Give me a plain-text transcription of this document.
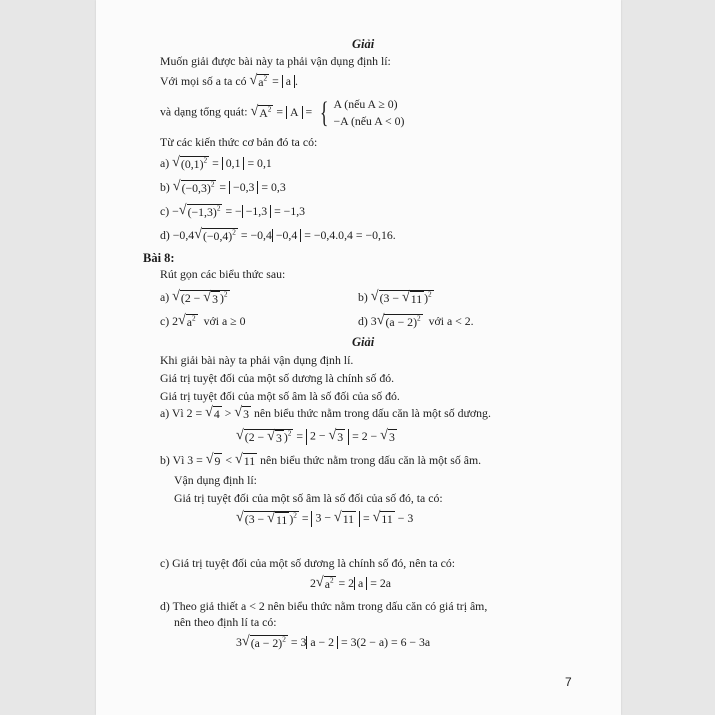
Giải
Muốn giải được bài này ta phải vận dụng định lí:
Với mọi số a ta có √ $a^2 = a$ .
và dạng tổng quát: √ $A^2 = A$ = { A (nếu A ≥ 0)
−A (nếu A < 0)
Từ các kiến thức cơ bản đó ta có:
a) √ $(0,1)^2 = 0,1 = 0,1$
b) √ $(-0,3)^2 = -0,3 = 0,3$
c) − √ $(-1,3)^2$ = − −1,3 = −1,3
d) −0,4 √ $(-0,4)^2 = -0,4 -0,4 = -0,4.0,4 = -0,16$.
Bài 8:
Rút gọn các biểu thức sau:
a) √ (2 − √ 3 )$^2$	b) √ (3 − √ 11 )$^2$
c) 2 √ $a^2$ với a ≥ 0	d) 3 √ $(a - 2)^2$ với a < 2.
Giải
Khi giải bài này ta phải vận dụng định lí.
Giá trị tuyệt đối của một số dương là chính số đó.
Giá trị tuyệt đối của một số âm là số đối của số đó.
a) Vì 2 = √ 4 > √ 3 nên biểu thức nằm trong dấu căn là một số dương.
√ (2 − √ 3 )$^2$ = 2 − √ 3 = 2 − √ 3
b) Vì 3 = √ 9 < √ 11 nên biểu thức nằm trong dấu căn là một số âm.
Vận dụng định lí:
Giá trị tuyệt đối của một số âm là số đối của số đó, ta có:
√ (3 − √ 11 )$^2$ = 3 − √ 11 = √ 11 − 3
c) Giá trị tuyệt đối của một số dương là chính số đó, nên ta có:
2 √ $a^2 = 2$ a = 2a
d) Theo giả thiết a < 2 nên biểu thức nằm trong dấu căn có giá trị âm,
nên theo định lí ta có:
3 √ $(a - 2)^2 = 3$ a − 2 = 3(2 − a) = 6 − 3a
7
